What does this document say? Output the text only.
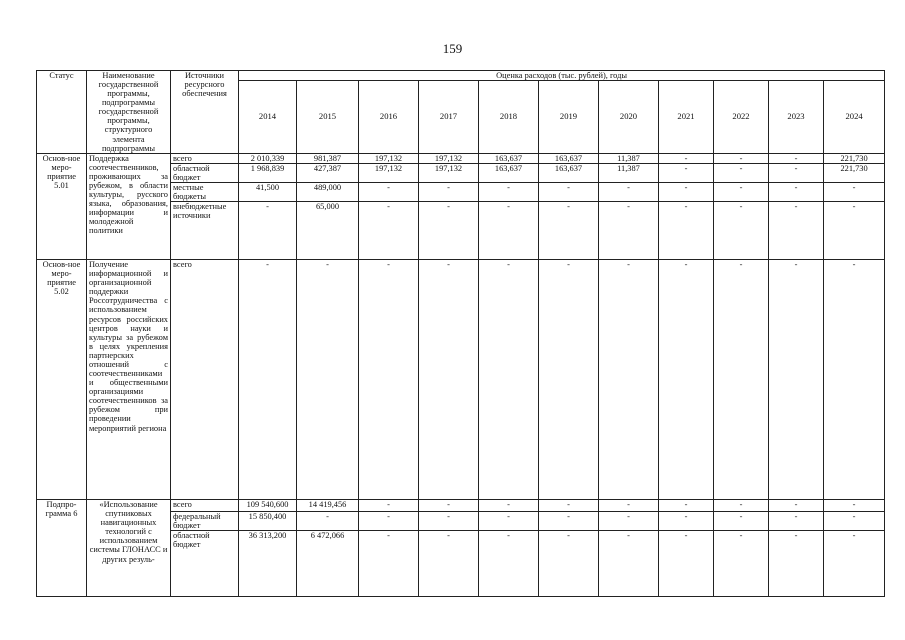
159
Статус	Наименование государственной программы, подпрограммы государственной программы, структурного элемента подпрограммы	Источники ресурсного обеспечения	Оценка расходов (тыс. рублей), годы										
			2014	2015	2016	2017	2018	2019	2020	2021	2022	2023	2024
Основ-ное меро-приятие 5.01	Поддержка соотечественников, проживающих за рубежом, в области культуры, русского языка, образования, информации и молодежной политики	всего	2 010,339	981,387	197,132	197,132	163,637	163,637	11,387	-	-	-	221,730
		областной бюджет	1 968,839	427,387	197,132	197,132	163,637	163,637	11,387	-	-	-	221,730
		местные бюджеты	41,500	489,000	-	-	-	-	-	-	-	-	-
		внебюджетные источники	-	65,000	-	-	-	-	-	-	-	-	-
Основ-ное меро-приятие 5.02	Получение информационной и организационной поддержки Россотрудничества с использованием ресурсов российских центров науки и культуры за рубежом в целях укрепления партнерских отношений с соотечественниками и общественными организациями соотечественников за рубежом при проведении мероприятий региона	всего	-	-	-	-	-	-	-	-	-	-	-
Подпро-грамма 6	«Использование спутниковых навигационных технологий с использованием системы ГЛОНАСС и других резуль-	всего	109 540,600	14 419,456	-	-	-	-	-	-	-	-	-
		федеральный бюджет	15 850,400	-	-	-	-	-	-	-	-	-	-
		областной бюджет	36 313,200	6 472,066	-	-	-	-	-	-	-	-	-
